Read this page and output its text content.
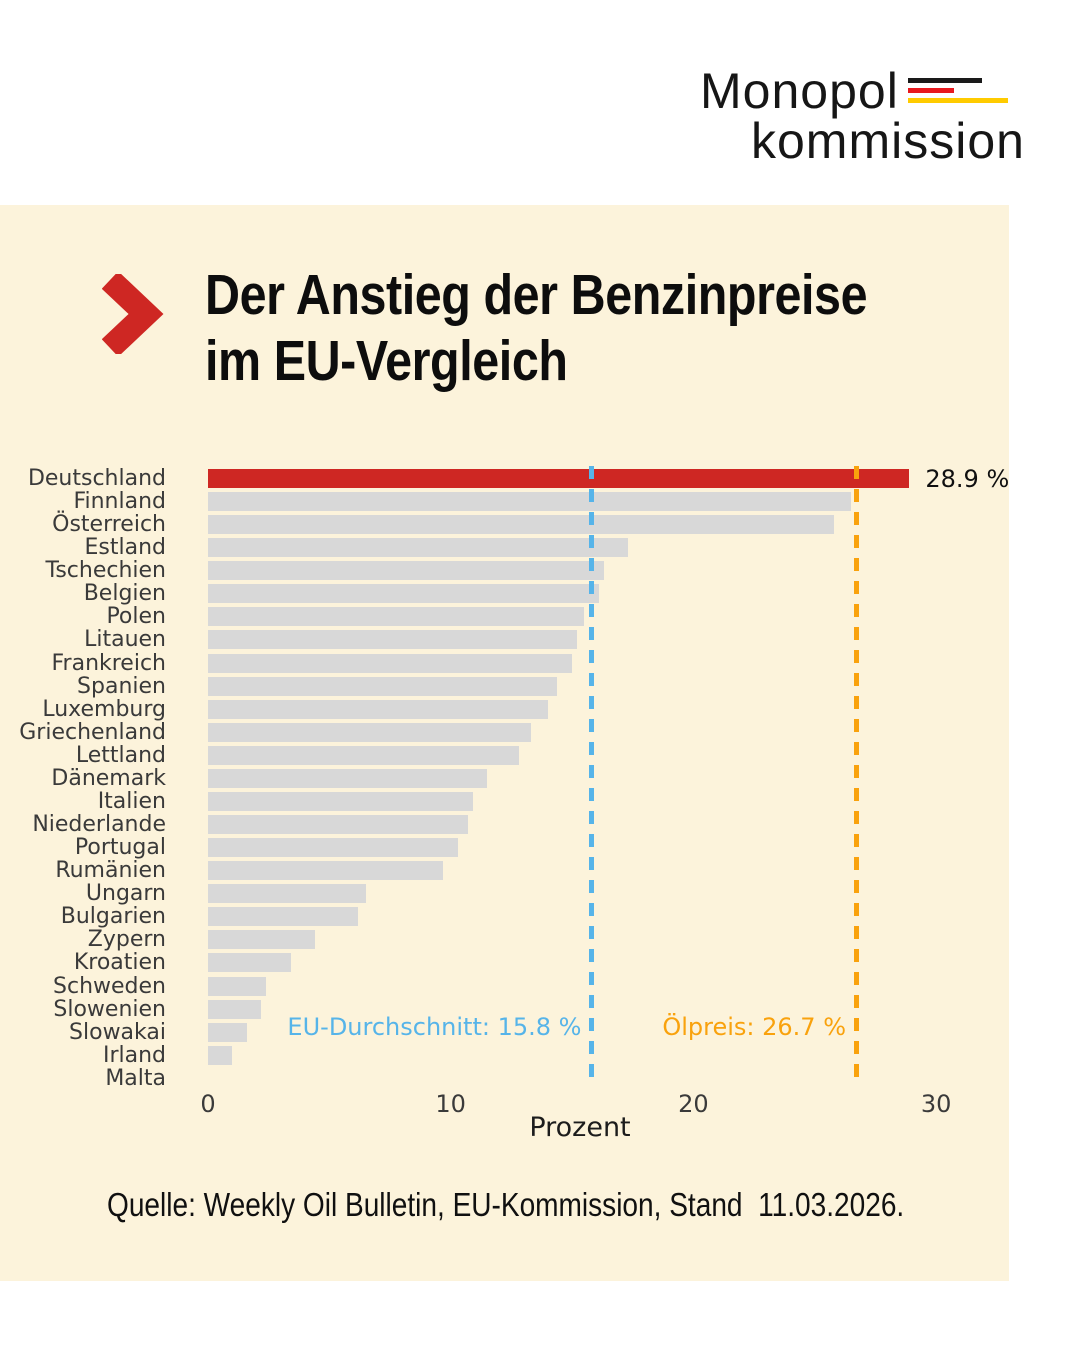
Monopol
kommission
Der Anstieg der Benzinpreise
im EU-Vergleich
Deutschland
Finnland
Österreich
Estland
Tschechien
Belgien
Polen
Litauen
Frankreich
Spanien
Luxemburg
Griechenland
Lettland
Dänemark
Italien
Niederlande
Portugal
Rumänien
Ungarn
Bulgarien
Zypern
Kroatien
Schweden
Slowenien
Slowakai
Irland
Malta
28.9 %
EU-Durchschnitt: 15.8 %	Ölpreis: 26.7 %
0	10	20	30
Prozent
Quelle: Weekly Oil Bulletin, EU-Kommission, Stand  11.03.2026.
